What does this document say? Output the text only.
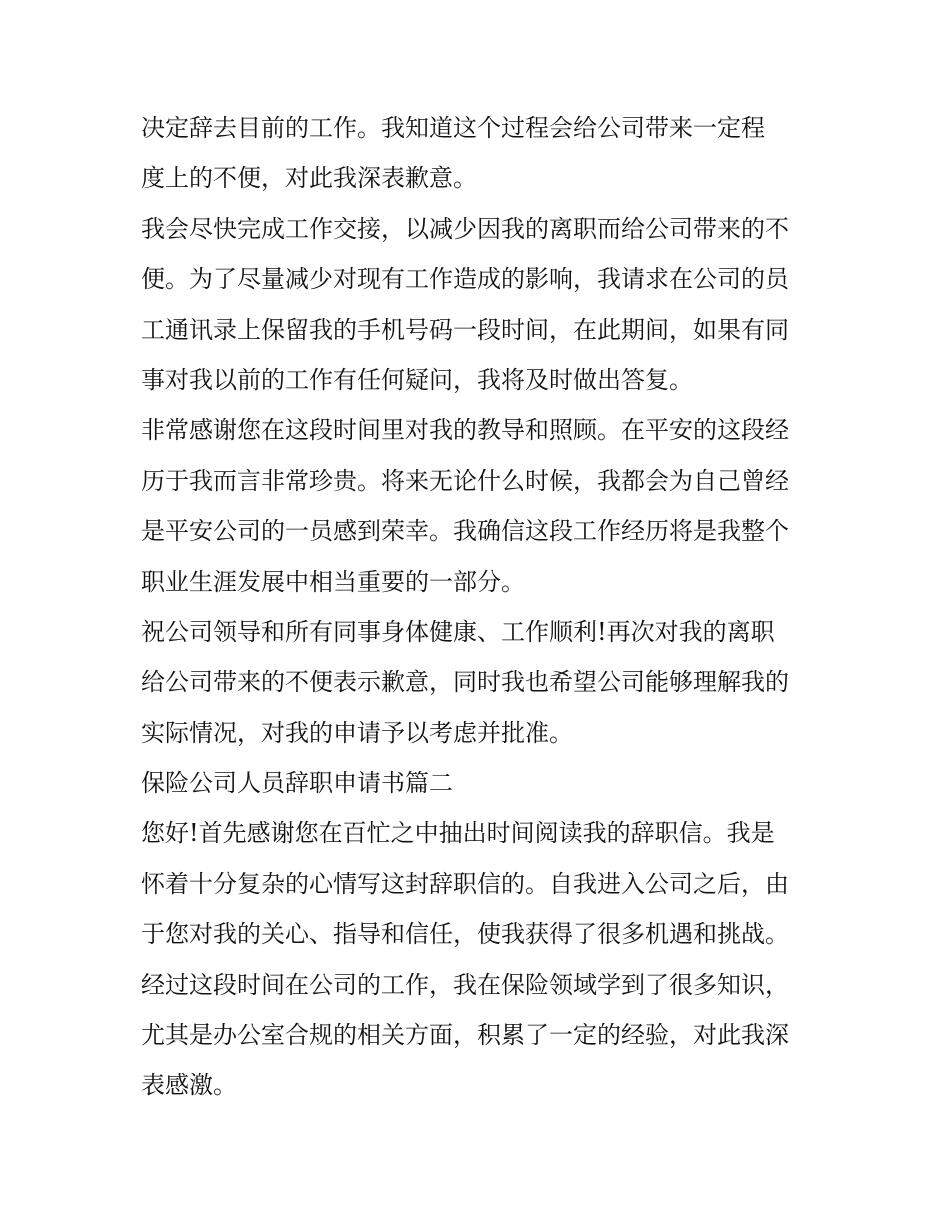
决定辞去目前的工作。我知道这个过程会给公司带来一定程
度上的不便，对此我深表歉意。
我会尽快完成工作交接，以减少因我的离职而给公司带来的不
便。为了尽量减少对现有工作造成的影响，我请求在公司的员
工通讯录上保留我的手机号码一段时间，在此期间，如果有同
事对我以前的工作有任何疑问，我将及时做出答复。
非常感谢您在这段时间里对我的教导和照顾。在平安的这段经
历于我而言非常珍贵。将来无论什么时候，我都会为自己曾经
是平安公司的一员感到荣幸。我确信这段工作经历将是我整个
职业生涯发展中相当重要的一部分。
祝公司领导和所有同事身体健康、工作顺利!再次对我的离职
给公司带来的不便表示歉意，同时我也希望公司能够理解我的
实际情况，对我的申请予以考虑并批准。
保险公司人员辞职申请书篇二
您好!首先感谢您在百忙之中抽出时间阅读我的辞职信。我是
怀着十分复杂的心情写这封辞职信的。自我进入公司之后，由
于您对我的关心、指导和信任，使我获得了很多机遇和挑战。
经过这段时间在公司的工作，我在保险领域学到了很多知识，
尤其是办公室合规的相关方面，积累了一定的经验，对此我深
表感激。
